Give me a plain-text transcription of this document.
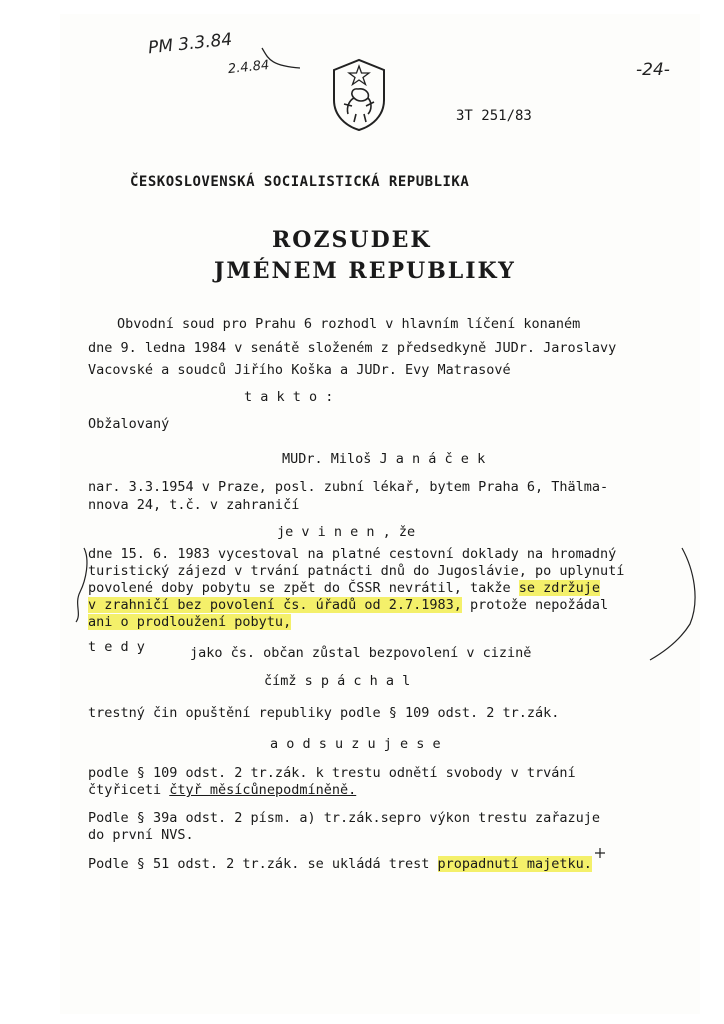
PM 3.3.84
2.4.84	-24-
3T 251/83
ČESKOSLOVENSKÁ SOCIALISTICKÁ REPUBLIKA
ROZSUDEK
JMÉNEM REPUBLIKY
Obvodní soud pro Prahu 6 rozhodl v hlavním líčení konaném
dne 9. ledna 1984 v senátě složeném z předsedkyně JUDr. Jaroslavy
Vacovské a soudců Jiřího Koška a JUDr. Evy Matrasové
t a k t o :
Obžalovaný
MUDr. Miloš J a n á č e k
nar. 3.3.1954 v Praze, posl. zubní lékař, bytem Praha 6, Thälma-
nnova 24, t.č. v zahraničí
je v i n e n , že
dne 15. 6. 1983 vycestoval na platné cestovní doklady na hromadný
turistický zájezd v trvání patnácti dnů do Jugoslávie, po uplynutí
povolené doby pobytu se zpět do ČSSR nevrátil, takže se zdržuje
v zrahničí bez povolení čs. úřadů od 2.7.1983, protože nepožádal
ani o prodloužení pobytu,
t e d y	jako čs. občan zůstal bezpovolení v cizině
čímž s p á c h a l
trestný čin opuštění republiky podle § 109 odst. 2 tr.zák.
a o d s u z u j e s e
podle § 109 odst. 2 tr.zák. k trestu odnětí svobody v trvání
čtyřiceti čtyř měsícůnepodmíněně.
Podle § 39a odst. 2 písm. a) tr.zák.sepro výkon trestu zařazuje
do první NVS.
Podle § 51 odst. 2 tr.zák. se ukládá trest propadnutí majetku.
